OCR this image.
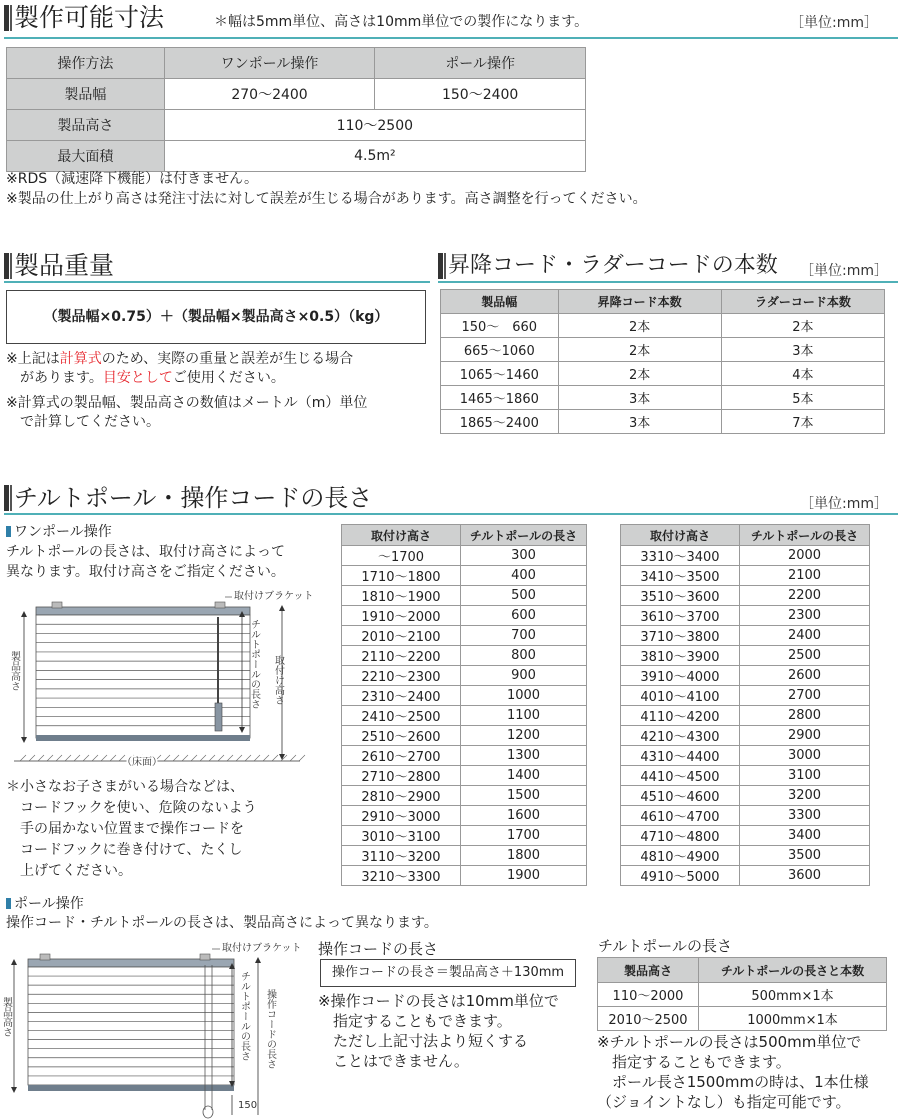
製作可能寸法	＊幅は5mm単位、高さは10mm単位での製作になります。	［単位:mm］
操作方法	ワンポール操作	ポール操作
製品幅	270～2400	150～2400
製品高さ	110～2500	
最大面積	4.5m²	
※RDS（減速降下機能）は付きません。
※製品の仕上がり高さは発注寸法に対して誤差が生じる場合があります。高さ調整を行ってください。
製品重量
（製品幅×0.75）＋（製品幅×製品高さ×0.5）（kg）
※上記は計算式のため、実際の重量と誤差が生じる場合
　があります。目安としてご使用ください。
※計算式の製品幅、製品高さの数値はメートル（m）単位
　で計算してください。
昇降コード・ラダーコードの本数 ［単位:mm］
製品幅	昇降コード本数	ラダーコード本数
150～　660	2本	2本
665～1060	2本	3本
1065～1460	2本	4本
1465～1860	3本	5本
1865～2400	3本	7本
チルトポール・操作コードの長さ	［単位:mm］
ワンポール操作
チルトポールの長さは、取付け高さによって
異なります。取付け高さをご指定ください。
製品高さ	チルトポールの長さ 取付け高さ
取付けブラケット
（床面）
＊小さなお子さまがいる場合などは、
　コードフックを使い、危険のないよう
　手の届かない位置まで操作コードを
　コードフックに巻き付けて、たくし
　上げてください。
取付け高さ	チルトポールの長さ
～1700	300
1710～1800	400
1810～1900	500
1910～2000	600
2010～2100	700
2110～2200	800
2210～2300	900
2310～2400	1000
2410～2500	1100
2510～2600	1200
2610～2700	1300
2710～2800	1400
2810～2900	1500
2910～3000	1600
3010～3100	1700
3110～3200	1800
3210～3300	1900
取付け高さ	チルトポールの長さ
3310～3400	2000
3410～3500	2100
3510～3600	2200
3610～3700	2300
3710～3800	2400
3810～3900	2500
3910～4000	2600
4010～4100	2700
4110～4200	2800
4210～4300	2900
4310～4400	3000
4410～4500	3100
4510～4600	3200
4610～4700	3300
4710～4800	3400
4810～4900	3500
4910～5000	3600
ポール操作
操作コード・チルトポールの長さは、製品高さによって異なります。
製品高さ	チルトポールの長さ 操作コードの長さ
150
取付けブラケット 操作コードの長さ
操作コードの長さ＝製品高さ＋130mm
※操作コードの長さは10mm単位で
　指定することもできます。
　ただし上記寸法より短くする
　ことはできません。
チルトポールの長さ
製品高さ	チルトポールの長さと本数
110～2000	500mm×1本
2010～2500	1000mm×1本
※チルトポールの長さは500mm単位で
　指定することもできます。
　ポール長さ1500mmの時は、1本仕様
（ジョイントなし）も指定可能です。
